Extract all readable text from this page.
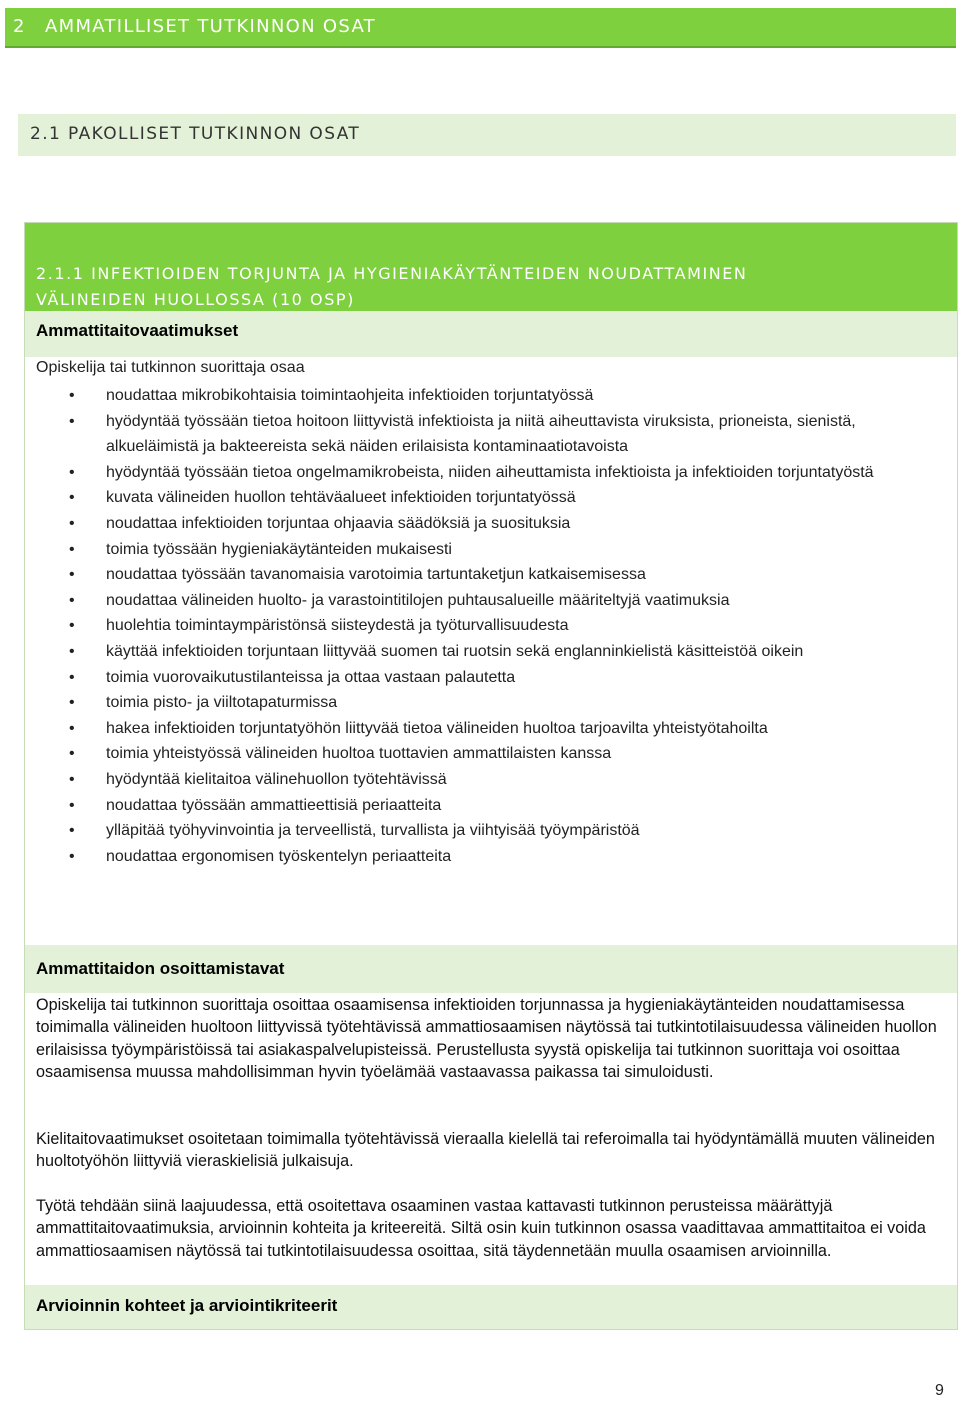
2 AMMATILLISET TUTKINNON OSAT
2.1 PAKOLLISET TUTKINNON OSAT
2.1.1 INFEKTIOIDEN TORJUNTA JA HYGIENIAKÄYTÄNTEIDEN NOUDATTAMINEN
VÄLINEIDEN HUOLLOSSA (10 OSP)
Ammattitaitovaatimukset
Opiskelija tai tutkinnon suorittaja osaa
• noudattaa mikrobikohtaisia toimintaohjeita infektioiden torjuntatyössä
• hyödyntää työssään tietoa hoitoon liittyvistä infektioista ja niitä aiheuttavista viruksista, prioneista, sienistä, alkueläimistä ja bakteereista sekä näiden erilaisista kontaminaatiotavoista
• hyödyntää työssään tietoa ongelmamikrobeista, niiden aiheuttamista infektioista ja infektioiden torjuntatyöstä
• kuvata välineiden huollon tehtäväalueet infektioiden torjuntatyössä
• noudattaa infektioiden torjuntaa ohjaavia säädöksiä ja suosituksia
• toimia työssään hygieniakäytänteiden mukaisesti
• noudattaa työssään tavanomaisia varotoimia tartuntaketjun katkaisemisessa
• noudattaa välineiden huolto- ja varastointitilojen puhtausalueille määriteltyjä vaatimuksia
• huolehtia toimintaympäristönsä siisteydestä ja työturvallisuudesta
• käyttää infektioiden torjuntaan liittyvää suomen tai ruotsin sekä englanninkielistä käsitteistöä oikein
• toimia vuorovaikutustilanteissa ja ottaa vastaan palautetta
• toimia pisto- ja viiltotapaturmissa
• hakea infektioiden torjuntatyöhön liittyvää tietoa välineiden huoltoa tarjoavilta yhteistyötahoilta
• toimia yhteistyössä välineiden huoltoa tuottavien ammattilaisten kanssa
• hyödyntää kielitaitoa välinehuollon työtehtävissä
• noudattaa työssään ammattieettisiä periaatteita
• ylläpitää työhyvinvointia ja terveellistä, turvallista ja viihtyisää työympäristöä
• noudattaa ergonomisen työskentelyn periaatteita
Ammattitaidon osoittamistavat

Opiskelija tai tutkinnon suorittaja osoittaa osaamisensa infektioiden torjunnassa ja hygieniakäytänteiden noudattamisessa toimimalla välineiden huoltoon liittyvissä työtehtävissä ammattiosaamisen näytössä tai tutkintotilaisuudessa välineiden huollon erilaisissa työympäristöissä tai asiakaspalvelupisteissä. Perustellusta syystä opiskelija tai tutkinnon suorittaja voi osoittaa osaamisensa muussa mahdollisimman hyvin työelämää vastaavassa paikassa tai simuloidusti.

Kielitaitovaatimukset osoitetaan toimimalla työtehtävissä vieraalla kielellä tai referoimalla tai hyödyntämällä muuten välineiden huoltotyöhön liittyviä vieraskielisiä julkaisuja.

Työtä tehdään siinä laajuudessa, että osoitettava osaaminen vastaa kattavasti tutkinnon perusteissa määrättyjä ammattitaitovaatimuksia, arvioinnin kohteita ja kriteereitä. Siltä osin kuin tutkinnon osassa vaadittavaa ammattitaitoa ei voida ammattiosaamisen näytössä tai tutkintotilaisuudessa osoittaa, sitä täydennetään muulla osaamisen arvioinnilla.

Arvioinnin kohteet ja arviointikriteerit
9
